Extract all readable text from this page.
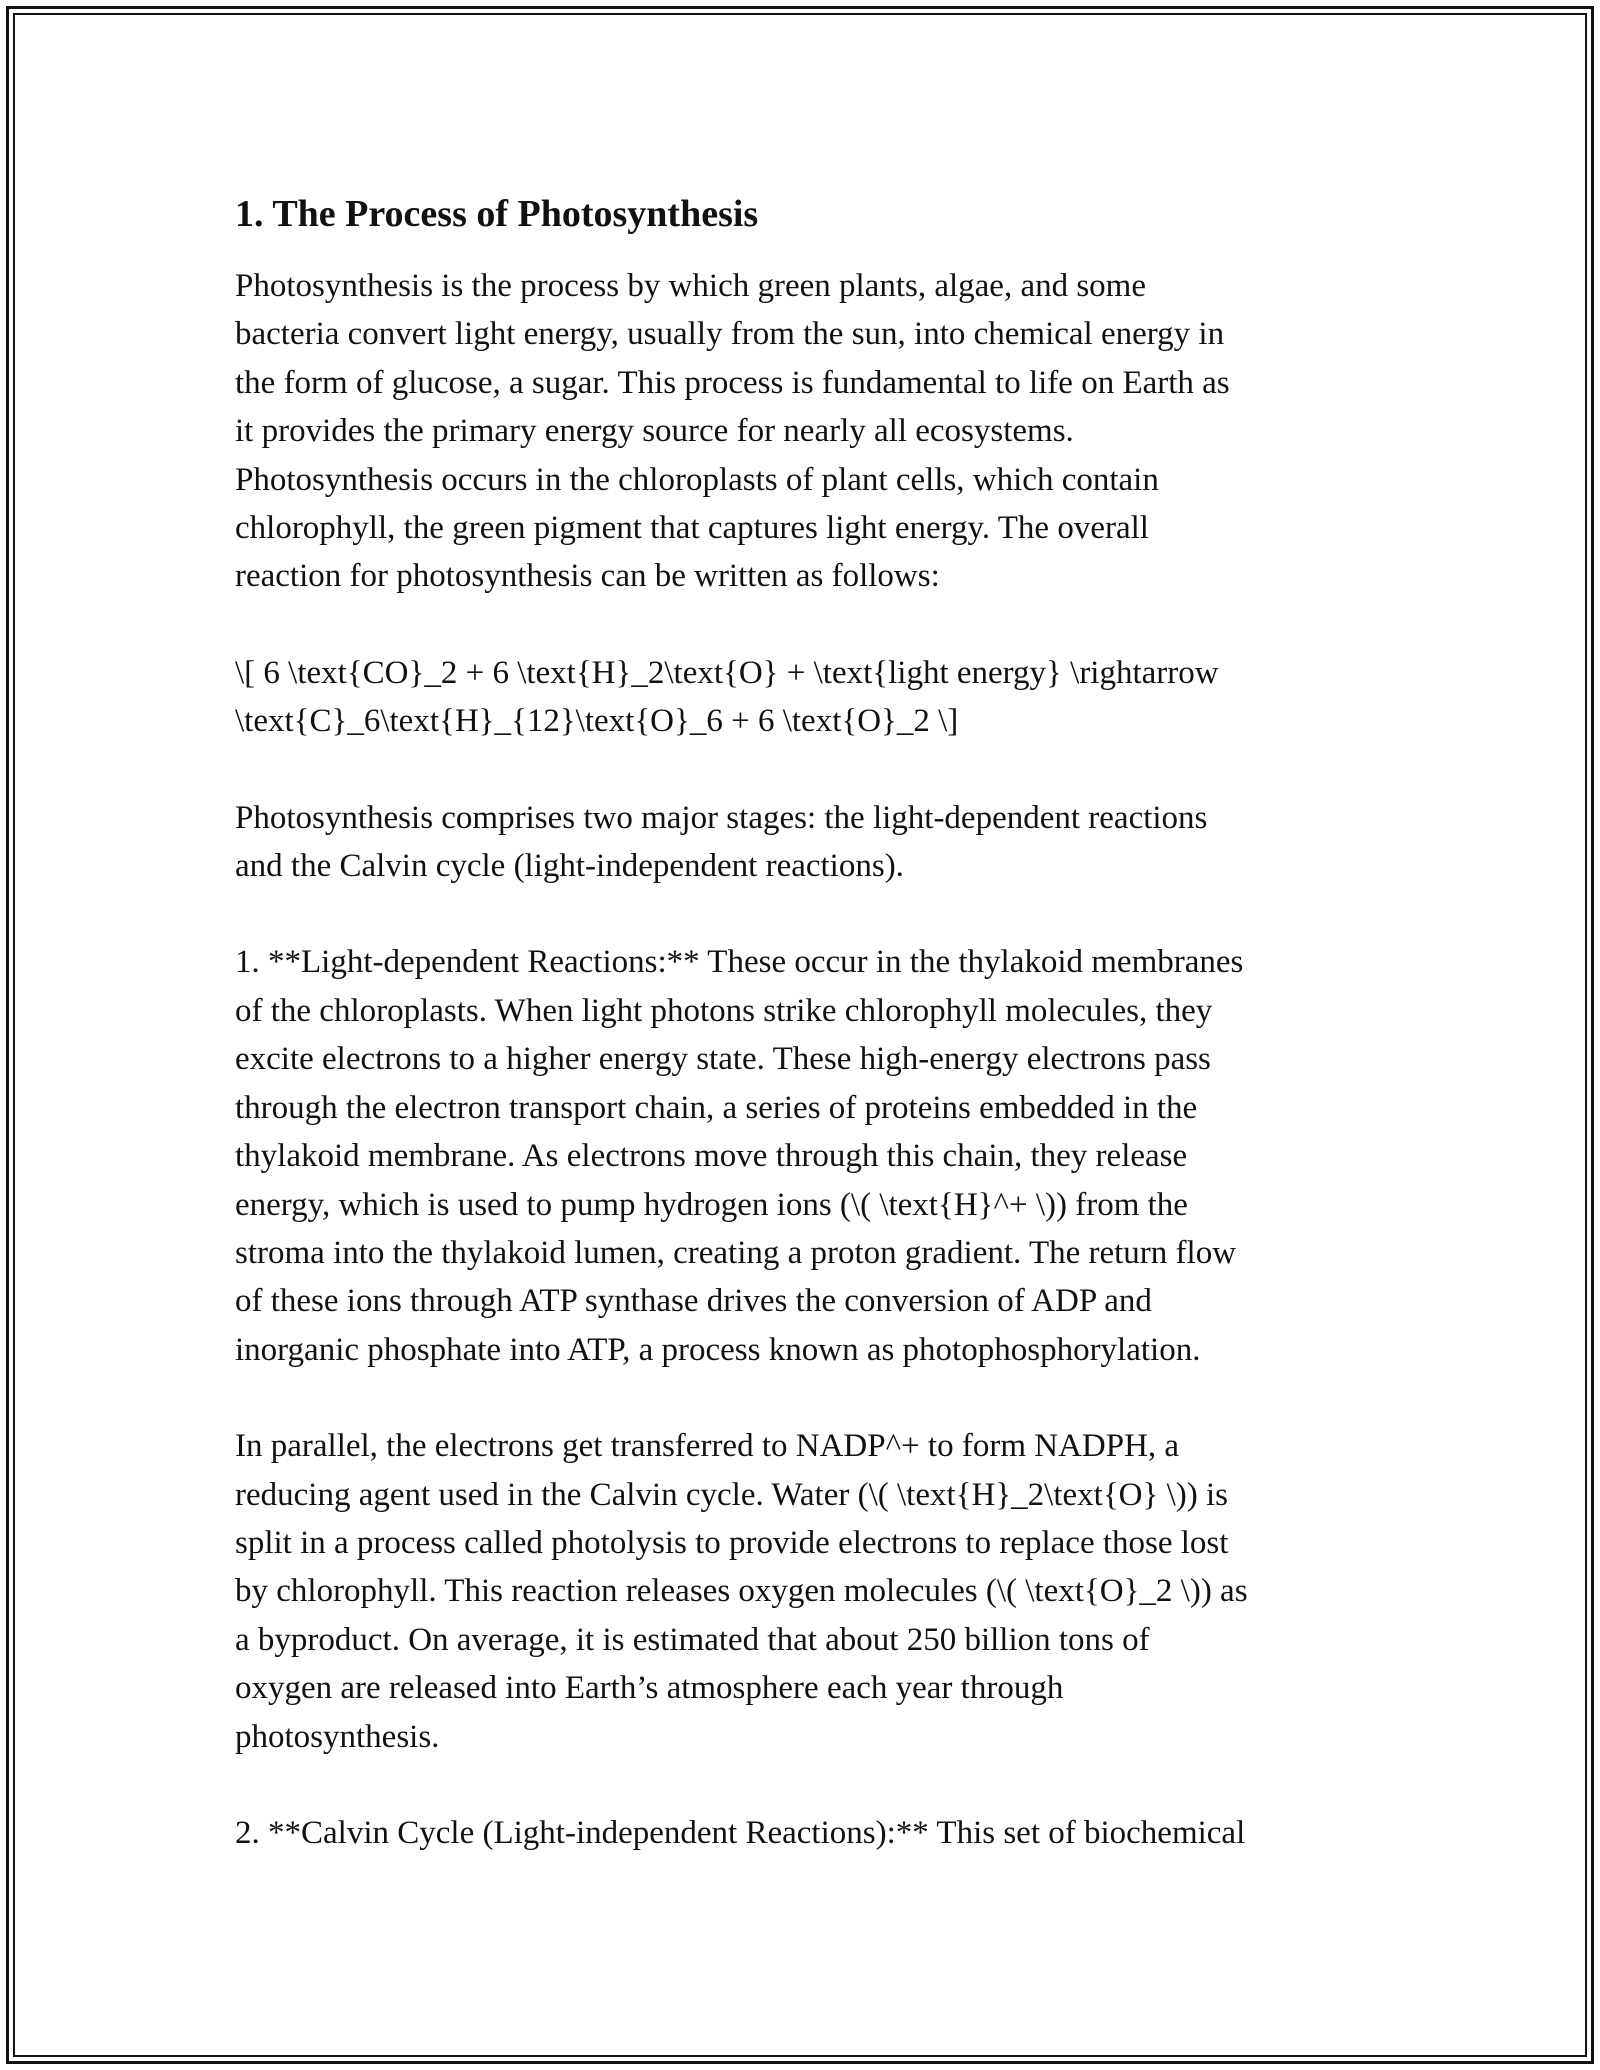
1. The Process of Photosynthesis
Photosynthesis is the process by which green plants, algae, and some
bacteria convert light energy, usually from the sun, into chemical energy in
the form of glucose, a sugar. This process is fundamental to life on Earth as
it provides the primary energy source for nearly all ecosystems.
Photosynthesis occurs in the chloroplasts of plant cells, which contain
chlorophyll, the green pigment that captures light energy. The overall
reaction for photosynthesis can be written as follows:
\[ 6 \text{CO}_2 + 6 \text{H}_2\text{O} + \text{light energy} \rightarrow
\text{C}_6\text{H}_{12}\text{O}_6 + 6 \text{O}_2 \]
Photosynthesis comprises two major stages: the light-dependent reactions
and the Calvin cycle (light-independent reactions).
1. **Light-dependent Reactions:** These occur in the thylakoid membranes
of the chloroplasts. When light photons strike chlorophyll molecules, they
excite electrons to a higher energy state. These high-energy electrons pass
through the electron transport chain, a series of proteins embedded in the
thylakoid membrane. As electrons move through this chain, they release
energy, which is used to pump hydrogen ions (\( \text{H}^+ \)) from the
stroma into the thylakoid lumen, creating a proton gradient. The return flow
of these ions through ATP synthase drives the conversion of ADP and
inorganic phosphate into ATP, a process known as photophosphorylation.
In parallel, the electrons get transferred to NADP^+ to form NADPH, a
reducing agent used in the Calvin cycle. Water (\( \text{H}_2\text{O} \)) is
split in a process called photolysis to provide electrons to replace those lost
by chlorophyll. This reaction releases oxygen molecules (\( \text{O}_2 \)) as
a byproduct. On average, it is estimated that about 250 billion tons of
oxygen are released into Earth’s atmosphere each year through
photosynthesis.
2. **Calvin Cycle (Light-independent Reactions):** This set of biochemical
